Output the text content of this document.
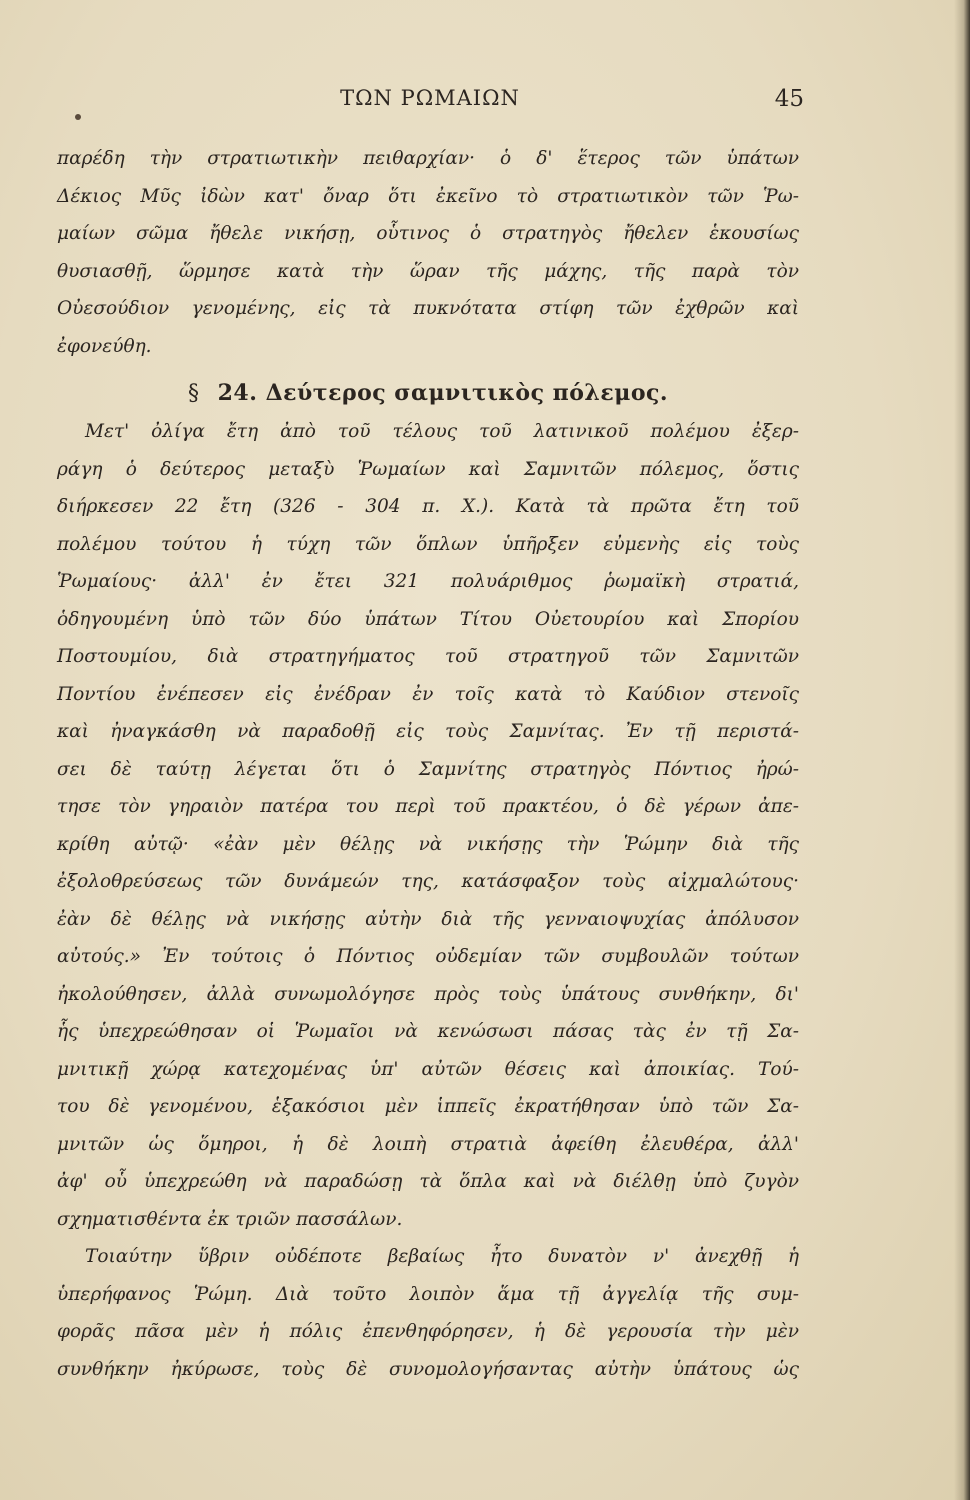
ΤΩΝ ΡΩΜΑΙΩΝ	45
παρέδη τὴν στρατιωτικὴν πειθαρχίαν· ὁ δ' ἕτερος τῶν ὑπάτων
Δέκιος Μῦς ἰδὼν κατ' ὄναρ ὅτι ἐκεῖνο τὸ στρατιωτικὸν τῶν Ῥω-
μαίων σῶμα ἤθελε νικήσῃ, οὗτινος ὁ στρατηγὸς ἤθελεν ἑκουσίως
θυσιασθῇ, ὥρμησε κατὰ τὴν ὥραν τῆς μάχης, τῆς παρὰ τὸν
Οὐεσούδιον γενομένης, εἰς τὰ πυκνότατα στίφη τῶν ἐχθρῶν καὶ
ἐφονεύθη.
§ 24. Δεύτερος σαμνιτικὸς πόλεμος.
Μετ' ὀλίγα ἔτη ἀπὸ τοῦ τέλους τοῦ λατινικοῦ πολέμου ἐξερ-
ράγη ὁ δεύτερος μεταξὺ Ῥωμαίων καὶ Σαμνιτῶν πόλεμος, ὅστις
διήρκεσεν 22 ἔτη (326 - 304 π. Χ.). Κατὰ τὰ πρῶτα ἔτη τοῦ
πολέμου τούτου ἡ τύχη τῶν ὅπλων ὑπῆρξεν εὐμενὴς εἰς τοὺς
Ῥωμαίους· ἀλλ' ἐν ἔτει 321 πολυάριθμος ῥωμαϊκὴ στρατιά,
ὁδηγουμένη ὑπὸ τῶν δύο ὑπάτων Τίτου Οὐετουρίου καὶ Σπορίου
Ποστουμίου, διὰ στρατηγήματος τοῦ στρατηγοῦ τῶν Σαμνιτῶν
Ποντίου ἐνέπεσεν εἰς ἐνέδραν ἐν τοῖς κατὰ τὸ Καύδιον στενοῖς
καὶ ἠναγκάσθη νὰ παραδοθῇ εἰς τοὺς Σαμνίτας. Ἐν τῇ περιστά-
σει δὲ ταύτῃ λέγεται ὅτι ὁ Σαμνίτης στρατηγὸς Πόντιος ἠρώ-
τησε τὸν γηραιὸν πατέρα του περὶ τοῦ πρακτέου, ὁ δὲ γέρων ἀπε-
κρίθη αὐτῷ· «ἐὰν μὲν θέλῃς νὰ νικήσῃς τὴν Ῥώμην διὰ τῆς
ἐξολοθρεύσεως τῶν δυνάμεών της, κατάσφαξον τοὺς αἰχμαλώτους·
ἐὰν δὲ θέλῃς νὰ νικήσῃς αὐτὴν διὰ τῆς γενναιοψυχίας ἀπόλυσον
αὐτούς.» Ἐν τούτοις ὁ Πόντιος οὐδεμίαν τῶν συμβουλῶν τούτων
ἠκολούθησεν, ἀλλὰ συνωμολόγησε πρὸς τοὺς ὑπάτους συνθήκην, δι'
ἧς ὑπεχρεώθησαν οἱ Ῥωμαῖοι νὰ κενώσωσι πάσας τὰς ἐν τῇ Σα-
μνιτικῇ χώρᾳ κατεχομένας ὑπ' αὐτῶν θέσεις καὶ ἀποικίας. Τού-
του δὲ γενομένου, ἑξακόσιοι μὲν ἱππεῖς ἐκρατήθησαν ὑπὸ τῶν Σα-
μνιτῶν ὡς ὅμηροι, ἡ δὲ λοιπὴ στρατιὰ ἀφείθη ἐλευθέρα, ἀλλ'
ἀφ' οὗ ὑπεχρεώθη νὰ παραδώσῃ τὰ ὅπλα καὶ νὰ διέλθῃ ὑπὸ ζυγὸν
σχηματισθέντα ἐκ τριῶν πασσάλων.
Τοιαύτην ὕβριν οὐδέποτε βεβαίως ἦτο δυνατὸν ν' ἀνεχθῇ ἡ
ὑπερήφανος Ῥώμη. Διὰ τοῦτο λοιπὸν ἅμα τῇ ἀγγελίᾳ τῆς συμ-
φορᾶς πᾶσα μὲν ἡ πόλις ἐπενθηφόρησεν, ἡ δὲ γερουσία τὴν μὲν
συνθήκην ἠκύρωσε, τοὺς δὲ συνομολογήσαντας αὐτὴν ὑπάτους ὡς
